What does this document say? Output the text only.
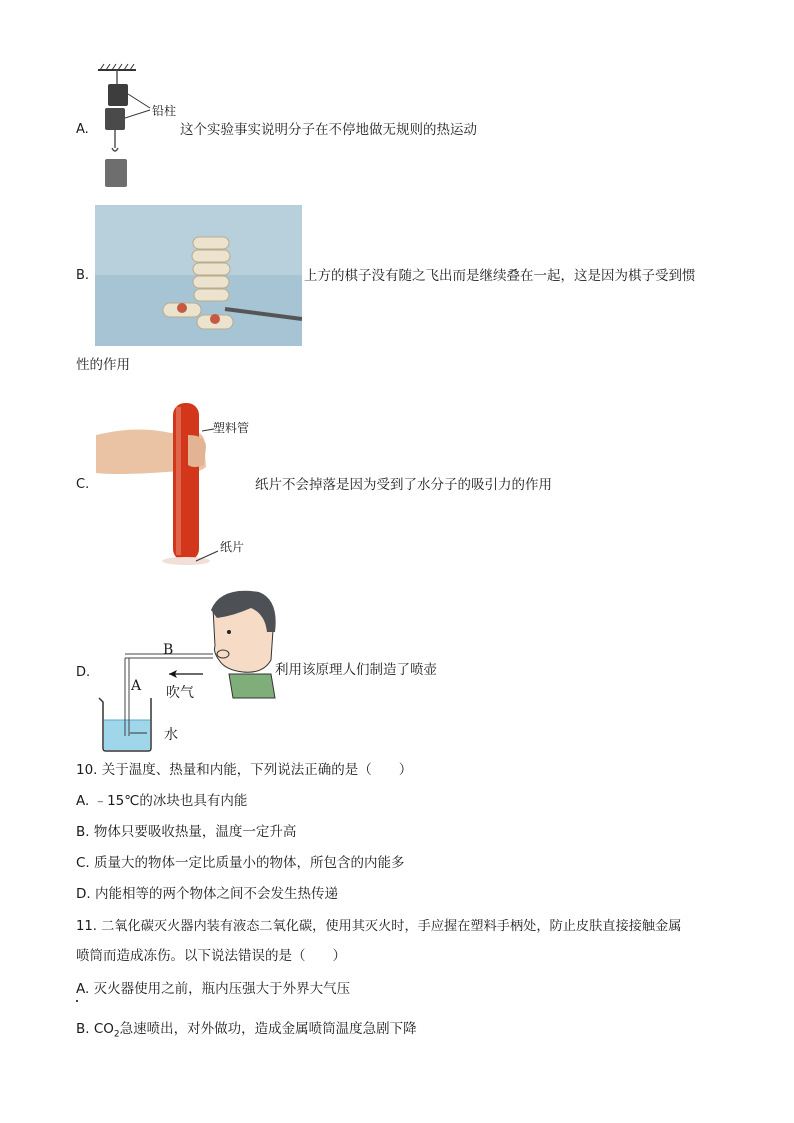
A.
铅柱
这个实验事实说明分子在不停地做无规则的热运动
B.	上方的棋子没有随之飞出而是继续叠在一起，这是因为棋子受到惯
性的作用
C.
塑料管
纸片
纸片不会掉落是因为受到了水分子的吸引力的作用
D.
B
A 吹气
水
利用该原理人们制造了喷壶
10. 关于温度、热量和内能，下列说法正确的是（　　）
A. ﹣15℃的冰块也具有内能
B. 物体只要吸收热量，温度一定升高
C. 质量大的物体一定比质量小的物体，所包含的内能多
D. 内能相等的两个物体之间不会发生热传递
11. 二氧化碳灭火器内装有液态二氧化碳，使用其灭火时，手应握在塑料手柄处，防止皮肤直接接触金属
喷筒而造成冻伤。以下说法错误的是（　　）
A. 灭火器使用之前，瓶内压强大于外界大气压
B. $CO_2$急速喷出，对外做功，造成金属喷筒温度急剧下降
